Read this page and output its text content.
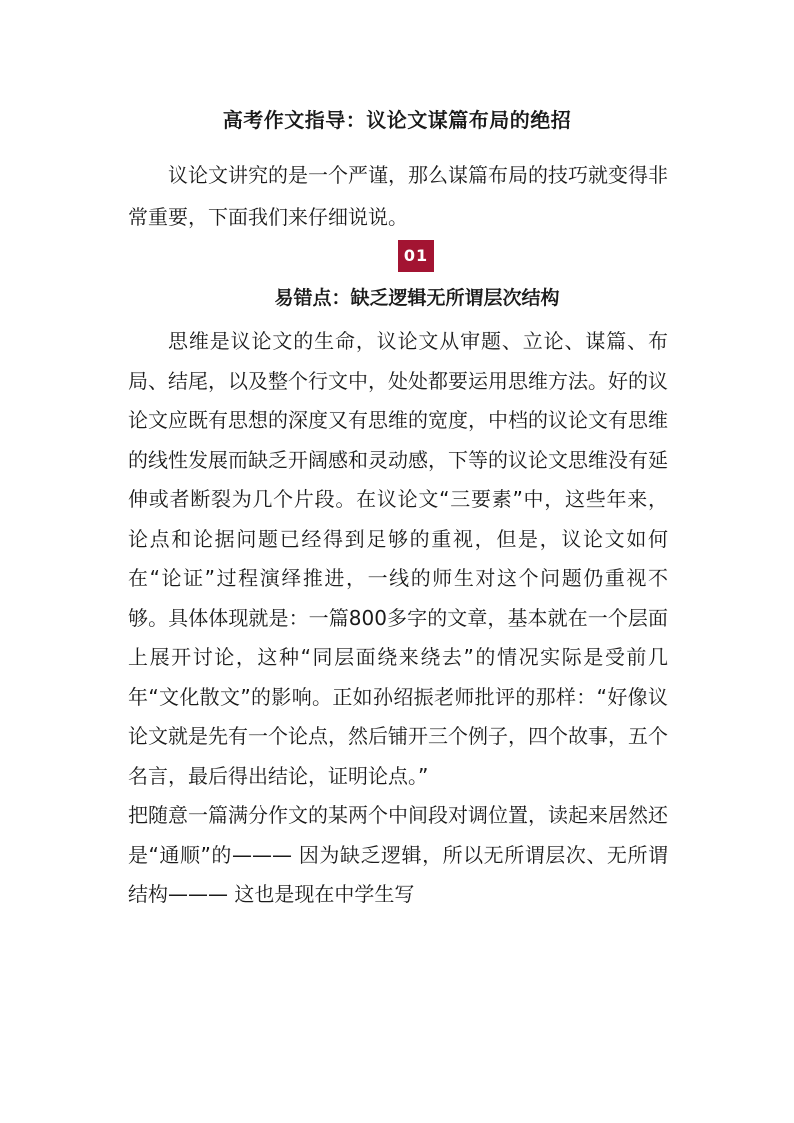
高考作文指导：议论文谋篇布局的绝招

议论文讲究的是一个严谨，那么谋篇布局的技巧就变得非常重要，下面我们来仔细说说。

01
易错点：缺乏逻辑无所谓层次结构
思维是议论文的生命，议论文从审题、立论、谋篇、布局、结尾，以及整个行文中，处处都要运用思维方法。好的议论文应既有思想的深度又有思维的宽度，中档的议论文有思维的线性发展而缺乏开阔感和灵动感，下等的议论文思维没有延伸或者断裂为几个片段。在议论文“三要素”中，这些年来，论点和论据问题已经得到足够的重视，但是，议论文如何在“论证”过程演绎推进，一线的师生对这个问题仍重视不够。具体体现就是：一篇800多字的文章，基本就在一个层面上展开讨论，这种“同层面绕来绕去”的情况实际是受前几年“文化散文”的影响。正如孙绍振老师批评的那样：“好像议论文就是先有一个论点，然后铺开三个例子，四个故事，五个名言，最后得出结论，证明论点。”
把随意一篇满分作文的某两个中间段对调位置，读起来居然还是“通顺”的——— 因为缺乏逻辑，所以无所谓层次、无所谓结构——— 这也是现在中学生写
